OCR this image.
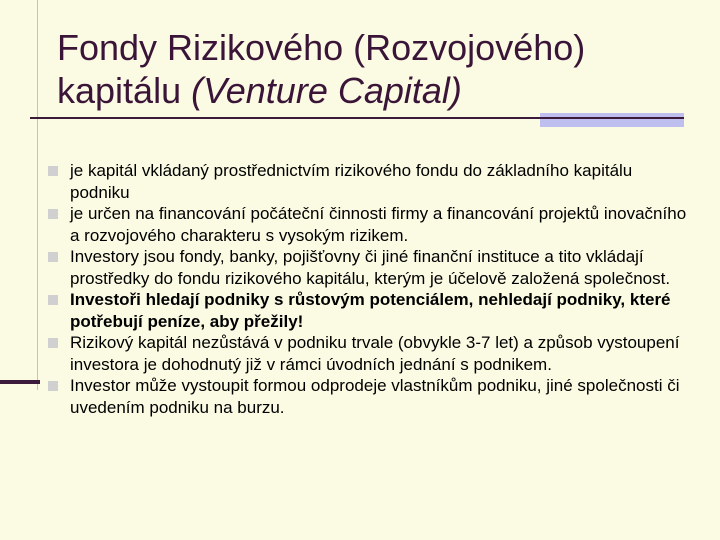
Fondy Rizikového (Rozvojového)
kapitálu (Venture Capital)
je kapitál vkládaný prostřednictvím rizikového fondu do základního kapitálu podniku
je určen na financování počáteční činnosti firmy a financování projektů inovačního a rozvojového charakteru s vysokým rizikem.
Investory jsou fondy, banky, pojišťovny či jiné finanční instituce a tito vkládají prostředky do fondu rizikového kapitálu, kterým je účelově založená společnost.
Investoři hledají podniky s růstovým potenciálem, nehledají podniky, které potřebují peníze, aby přežily!
Rizikový kapitál nezůstává v podniku trvale (obvykle 3-7 let) a způsob vystoupení investora je dohodnutý již v rámci úvodních jednání s podnikem.
Investor může vystoupit formou odprodeje vlastníkům podniku, jiné společnosti či uvedením podniku na burzu.
